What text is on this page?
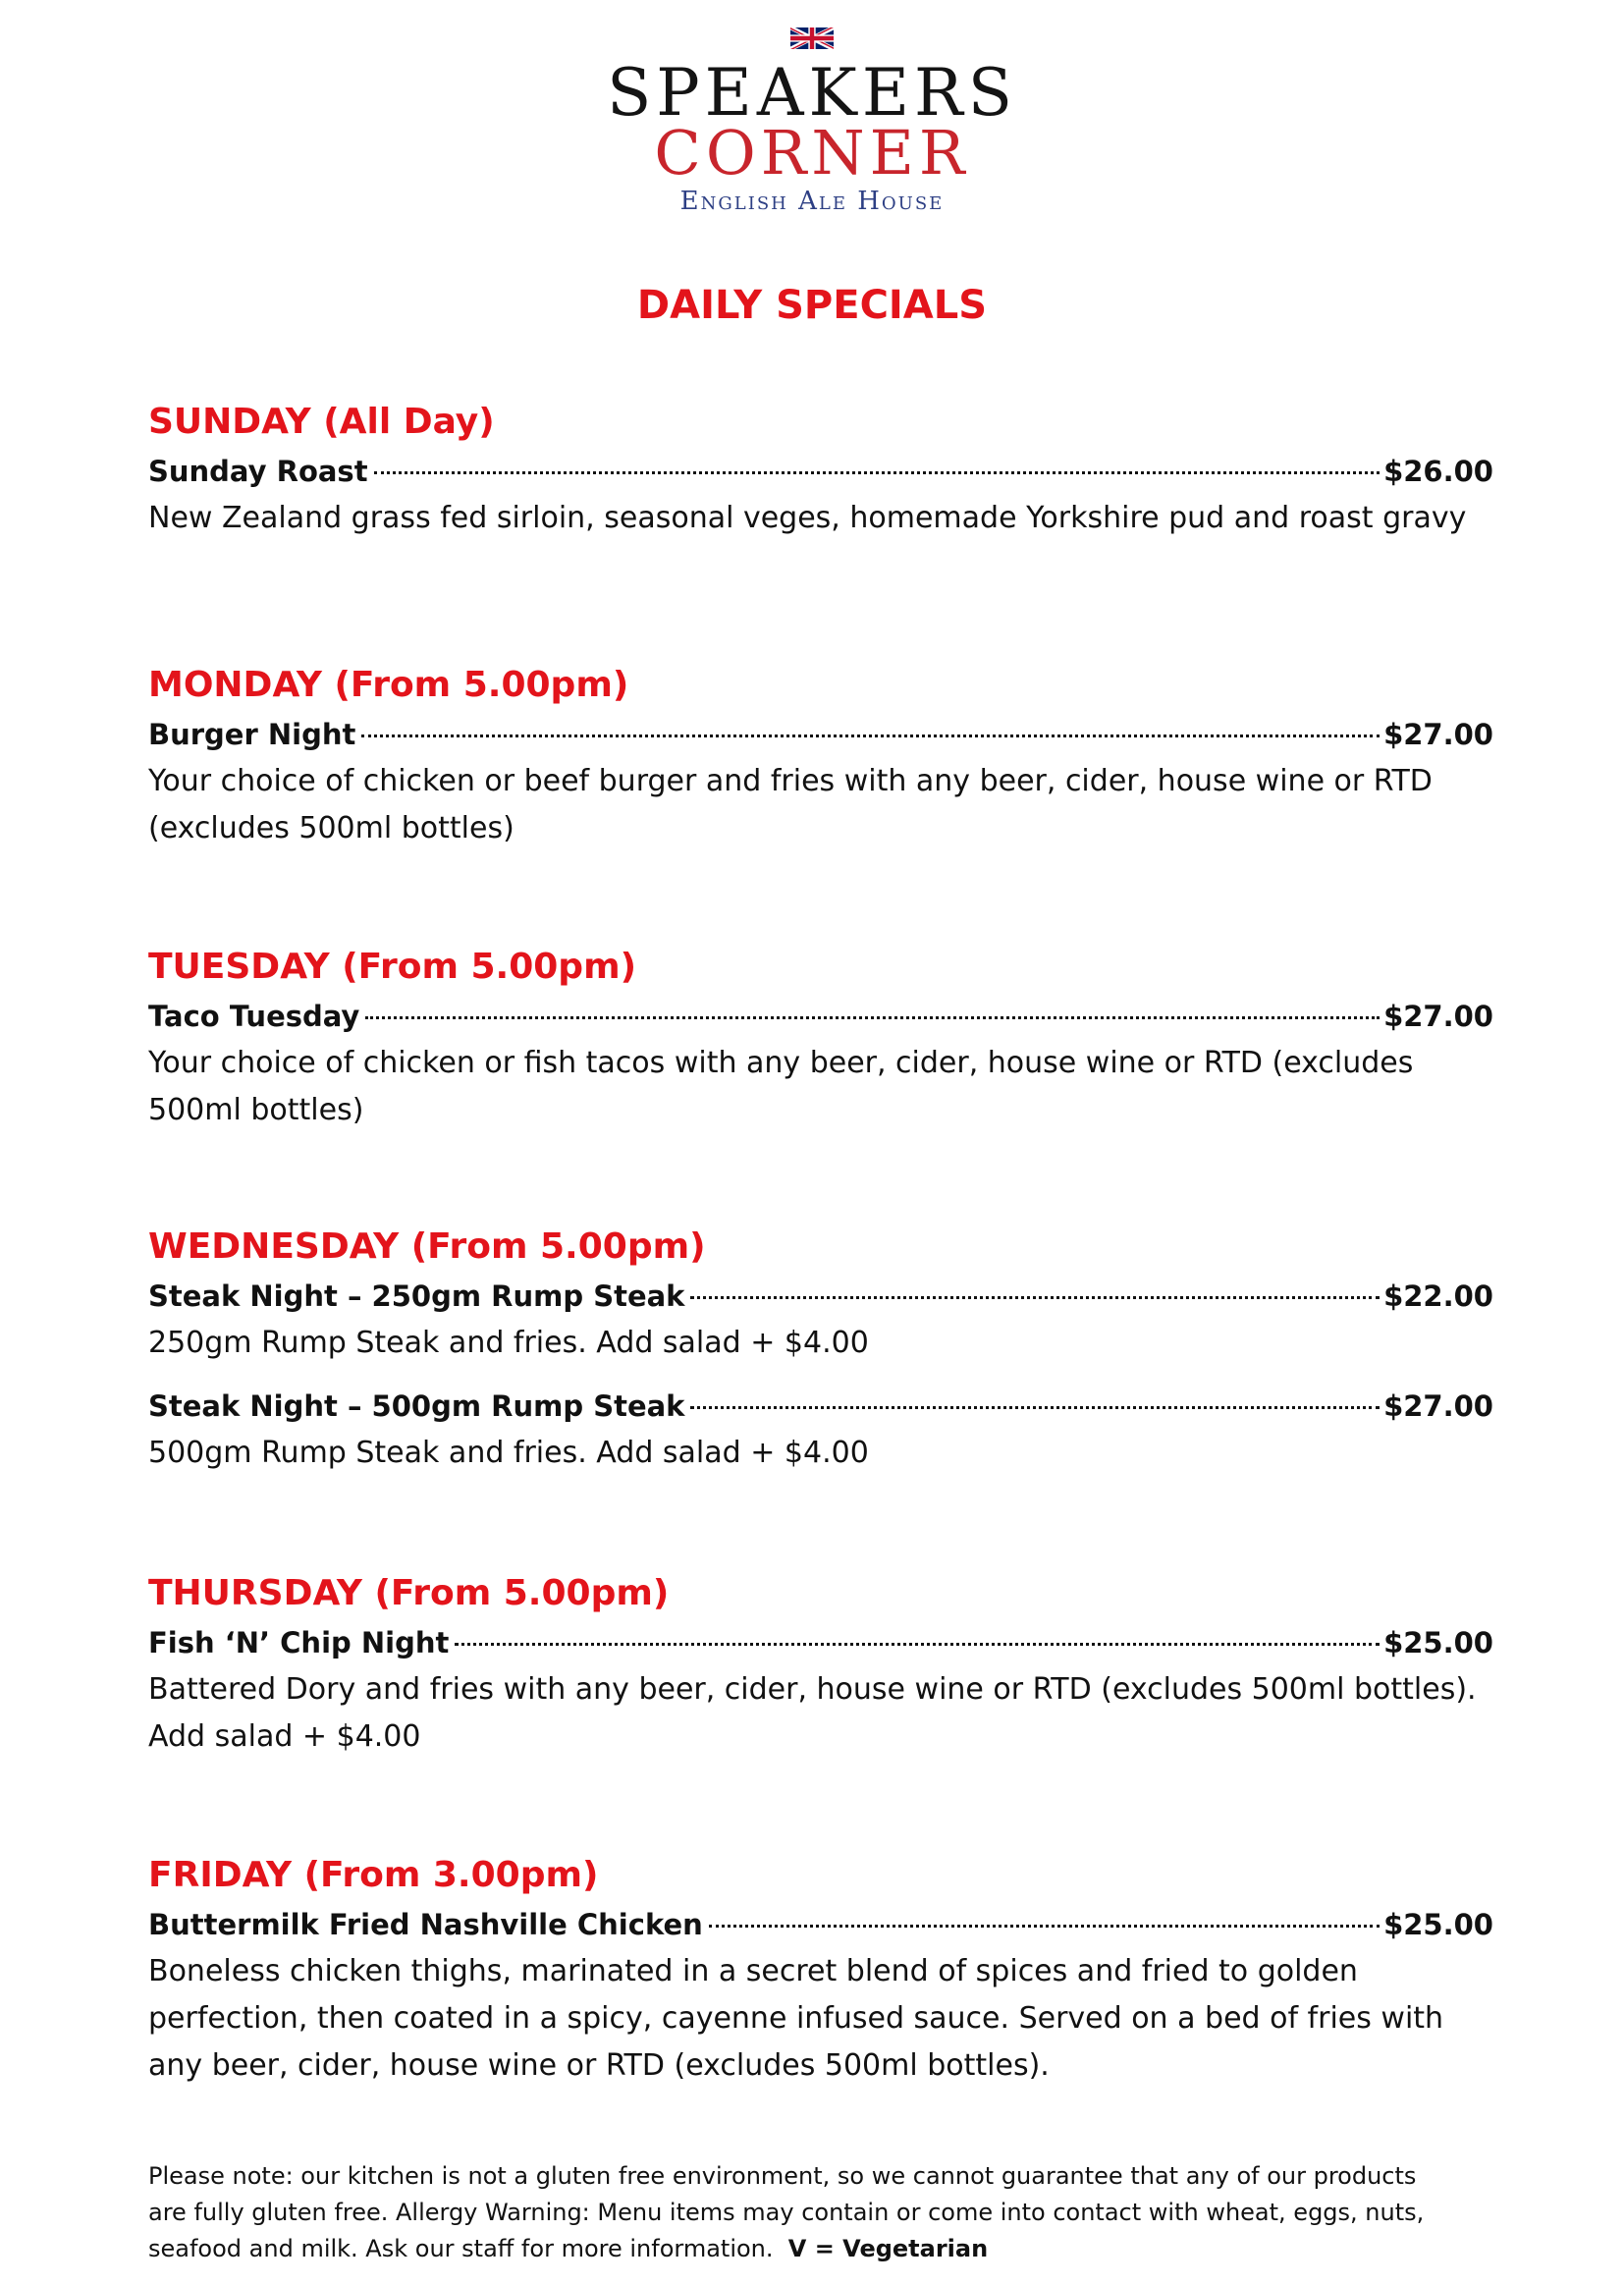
SPEAKERS
CORNER
English Ale House
DAILY SPECIALS
SUNDAY (All Day)
Sunday Roast	$26.00

New Zealand grass fed sirloin, seasonal veges, homemade Yorkshire pud and roast gravy

MONDAY (From 5.00pm)
Burger Night	$27.00

Your choice of chicken or beef burger and fries with any beer, cider, house wine or RTD (excludes 500ml bottles)

TUESDAY (From 5.00pm)
Taco Tuesday	$27.00

Your choice of chicken or fish tacos with any beer, cider, house wine or RTD (excludes 500ml bottles)

WEDNESDAY (From 5.00pm)
Steak Night – 250gm Rump Steak	$22.00

250gm Rump Steak and fries. Add salad + $4.00

Steak Night – 500gm Rump Steak	$27.00

500gm Rump Steak and fries. Add salad + $4.00

THURSDAY (From 5.00pm)
Fish ‘N’ Chip Night	$25.00

Battered Dory and fries with any beer, cider, house wine or RTD (excludes 500ml bottles). Add salad + $4.00

FRIDAY (From 3.00pm)
Buttermilk Fried Nashville Chicken	$25.00

Boneless chicken thighs, marinated in a secret blend of spices and fried to golden perfection, then coated in a spicy, cayenne infused sauce. Served on a bed of fries with any beer, cider, house wine or RTD (excludes 500ml bottles).

Please note: our kitchen is not a gluten free environment, so we cannot guarantee that any of our products are fully gluten free. Allergy Warning: Menu items may contain or come into contact with wheat, eggs, nuts, seafood and milk. Ask our staff for more information. V = Vegetarian
